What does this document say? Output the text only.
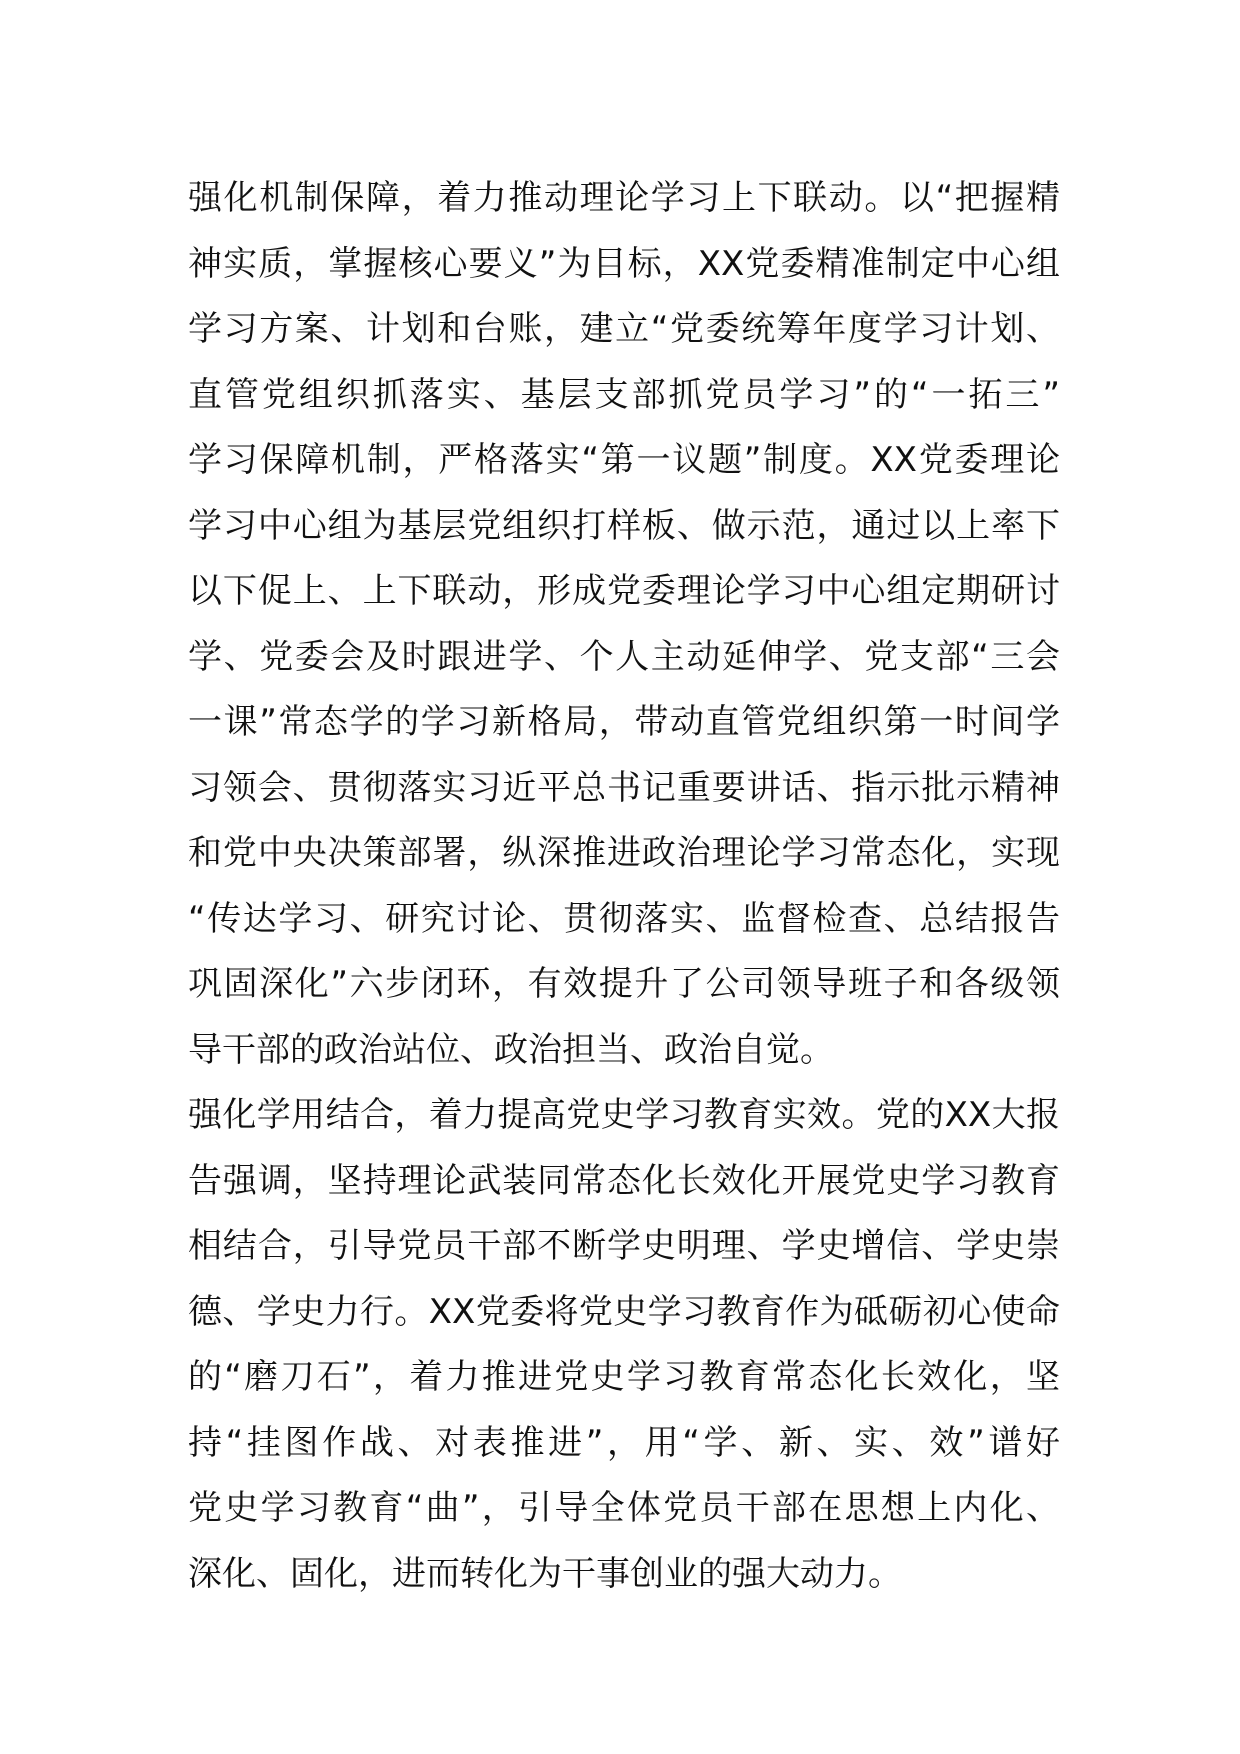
强化机制保障，着力推动理论学习上下联动。以“把握精
神实质，掌握核心要义”为目标，XX党委精准制定中心组
学习方案、计划和台账，建立“党委统筹年度学习计划、
直管党组织抓落实、基层支部抓党员学习”的“一拓三”
学习保障机制，严格落实“第一议题”制度。XX党委理论
学习中心组为基层党组织打样板、做示范，通过以上率下
以下促上、上下联动，形成党委理论学习中心组定期研讨
学、党委会及时跟进学、个人主动延伸学、党支部“三会
一课”常态学的学习新格局，带动直管党组织第一时间学
习领会、贯彻落实习近平总书记重要讲话、指示批示精神
和党中央决策部署，纵深推进政治理论学习常态化，实现
“传达学习、研究讨论、贯彻落实、监督检查、总结报告
巩固深化”六步闭环，有效提升了公司领导班子和各级领
导干部的政治站位、政治担当、政治自觉。

强化学用结合，着力提高党史学习教育实效。党的XX大报
告强调，坚持理论武装同常态化长效化开展党史学习教育
相结合，引导党员干部不断学史明理、学史增信、学史崇
德、学史力行。XX党委将党史学习教育作为砥砺初心使命
的“磨刀石”，着力推进党史学习教育常态化长效化，坚
持“挂图作战、对表推进”，用“学、新、实、效”谱好
党史学习教育“曲”，引导全体党员干部在思想上内化、
深化、固化，进而转化为干事创业的强大动力。
